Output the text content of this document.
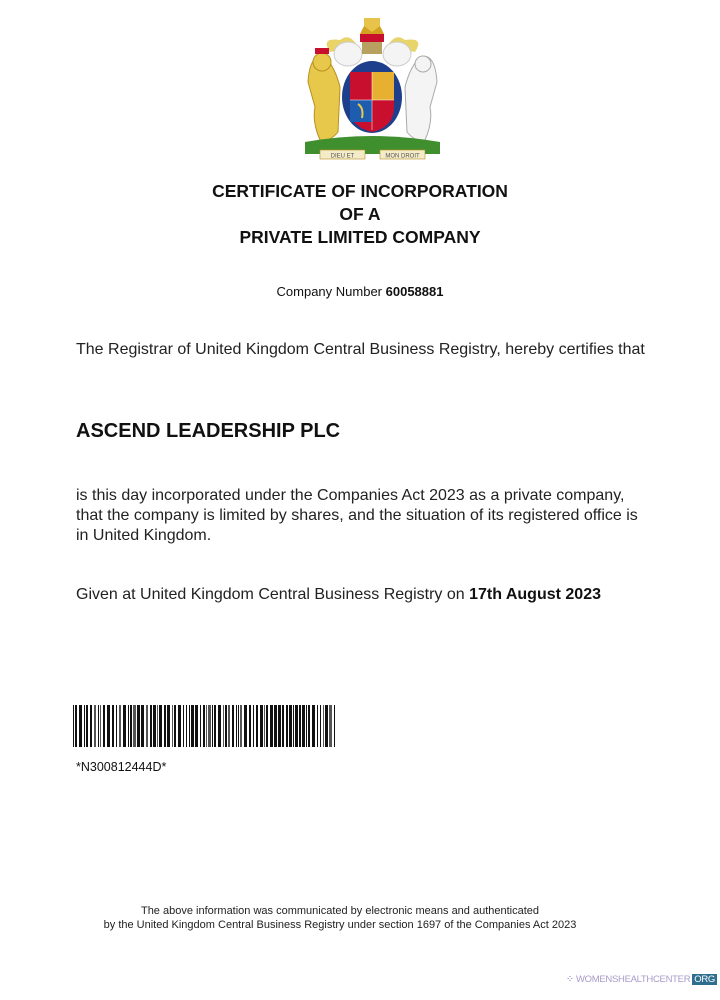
DIEU ET	MON DROIT
CERTIFICATE OF INCORPORATION
OF A
PRIVATE LIMITED COMPANY
Company Number 60058881
The Registrar of United Kingdom Central Business Registry, hereby certifies that
ASCEND LEADERSHIP PLC
is this day incorporated under the Companies Act 2023 as a private company, that the company is limited by shares, and the situation of its registered office is in United Kingdom.
Given at United Kingdom Central Business Registry on 17th August 2023
*N300812444D*
The above information was communicated by electronic means and authenticated
by the United Kingdom Central Business Registry under section 1697 of the Companies Act 2023
⁘ WOMENSHEALTHCENTER ORG
